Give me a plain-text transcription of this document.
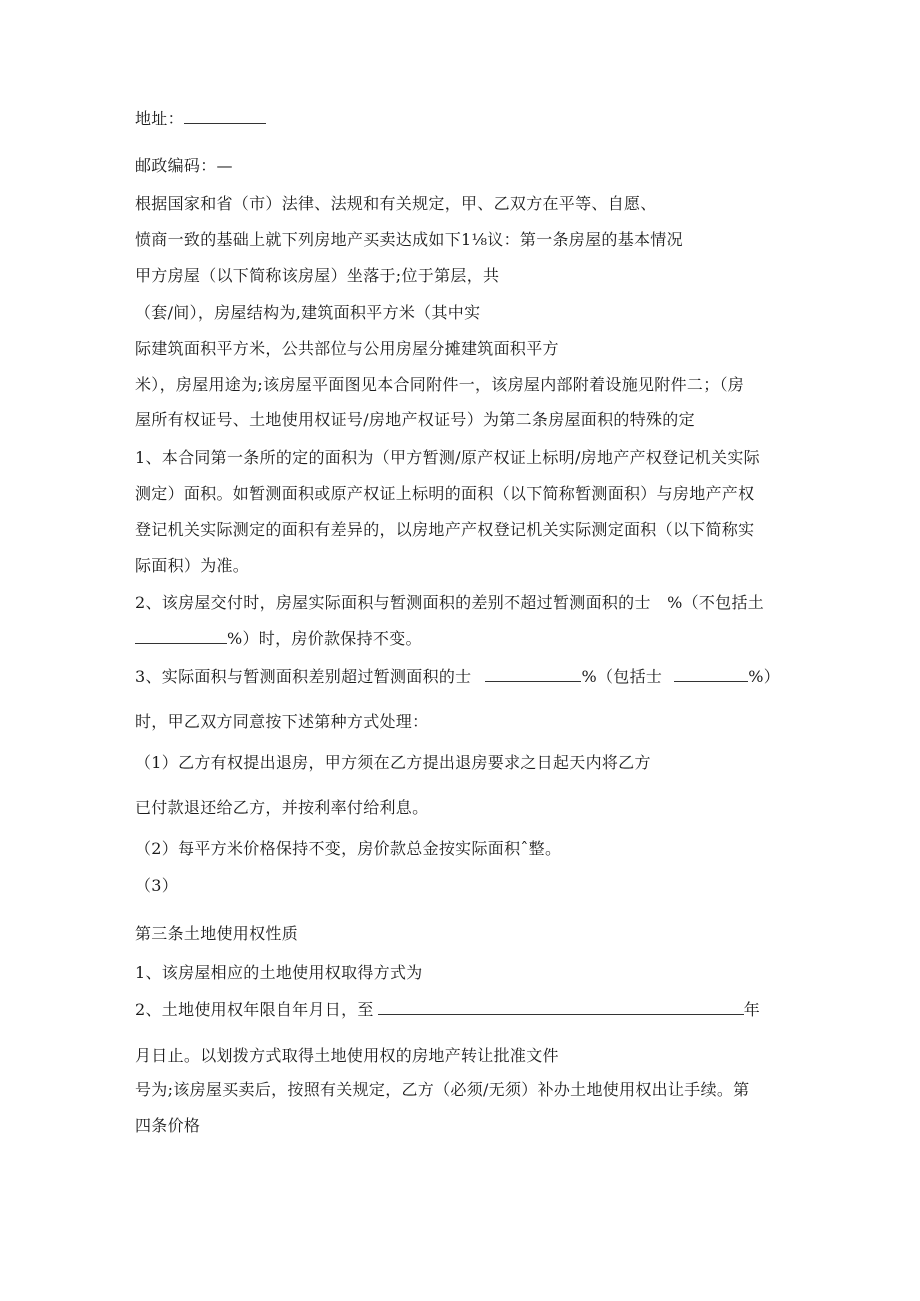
地址：
邮政编码：—
根据国家和省（市）法律、法规和有关规定，甲、乙双方在平等、自愿、
愤商一致的基础上就下列房地产买卖达成如下1⅛议：第一条房屋的基本情况
甲方房屋（以下简称该房屋）坐落于;位于第层，共
（套/间），房屋结构为,建筑面积平方米（其中实
际建筑面积平方米，公共部位与公用房屋分摊建筑面积平方
米），房屋用途为;该房屋平面图见本合同附件一，该房屋内部附着设施见附件二；（房
屋所有权证号、土地使用权证号/房地产权证号）为第二条房屋面积的特殊的定
1、本合同第一条所的定的面积为（甲方暂测/原产权证上标明/房地产产权登记机关实际
测定）面积。如暂测面积或原产权证上标明的面积（以下简称暂测面积）与房地产产权
登记机关实际测定的面积有差异的，以房地产产权登记机关实际测定面积（以下简称实
际面积）为准。
2、该房屋交付时，房屋实际面积与暂测面积的差别不超过暂测面积的士　%（不包括土
%）时，房价款保持不变。
3、实际面积与暂测面积差别超过暂测面积的士	%（包括士	%）
时，甲乙双方同意按下述第种方式处理：
（1）乙方有权提出退房，甲方须在乙方提出退房要求之日起天内将乙方
已付款退还给乙方，并按利率付给利息。
（2）每平方米价格保持不变，房价款总金按实际面积ˆ整。
（3）
第三条土地使用权性质
1、该房屋相应的土地使用权取得方式为
2、土地使用权年限自年月日，至	年
月日止。以划拨方式取得土地使用权的房地产转让批准文件
号为;该房屋买卖后，按照有关规定，乙方（必须/无须）补办土地使用权出让手续。第
四条价格
